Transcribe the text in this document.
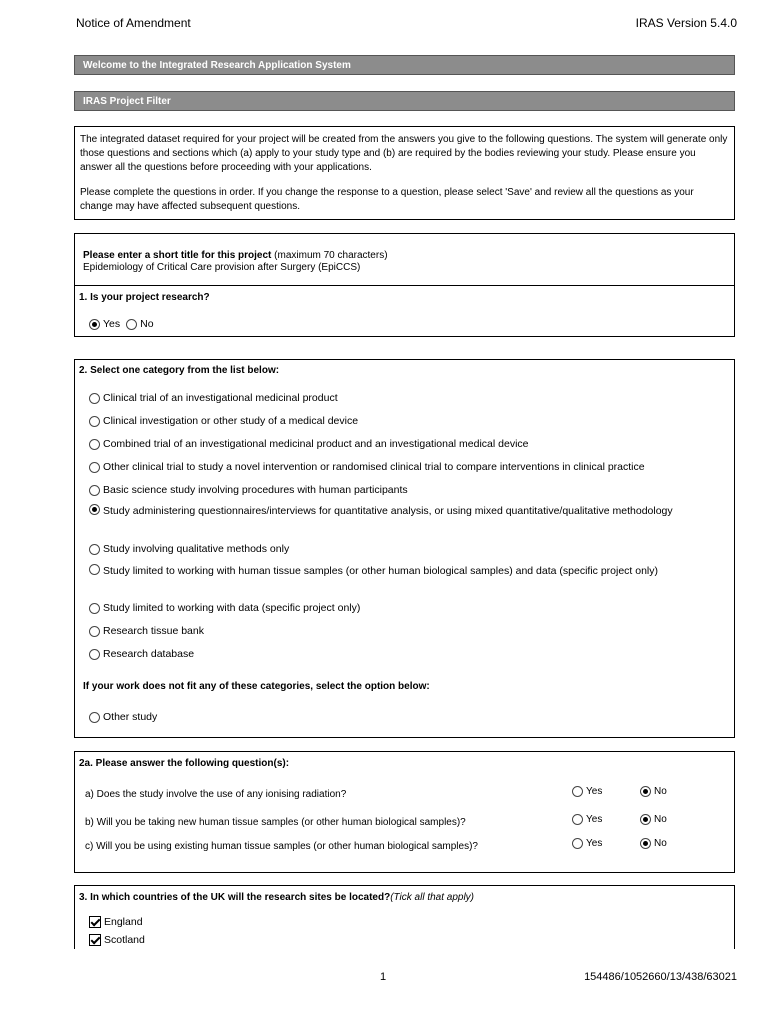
Notice of Amendment	IRAS Version 5.4.0
Welcome to the Integrated Research Application System
IRAS Project Filter

The integrated dataset required for your project will be created from the answers you give to the following questions. The system will generate only those questions and sections which (a) apply to your study type and (b) are required by the bodies reviewing your study. Please ensure you answer all the questions before proceeding with your applications.

Please complete the questions in order. If you change the response to a question, please select 'Save' and review all the questions as your change may have affected subsequent questions.

Please enter a short title for this project (maximum 70 characters)
Epidemiology of Critical Care provision after Surgery (EpiCCS)
1. Is your project research?
Yes No
2. Select one category from the list below:
Clinical trial of an investigational medicinal product
Clinical investigation or other study of a medical device
Combined trial of an investigational medicinal product and an investigational medical device
Other clinical trial to study a novel intervention or randomised clinical trial to compare interventions in clinical practice
Basic science study involving procedures with human participants
Study administering questionnaires/interviews for quantitative analysis, or using mixed quantitative/qualitative methodology
Study involving qualitative methods only
Study limited to working with human tissue samples (or other human biological samples) and data (specific project only)
Study limited to working with data (specific project only)
Research tissue bank
Research database
If your work does not fit any of these categories, select the option below:
Other study
2a. Please answer the following question(s):
a) Does the study involve the use of any ionising radiation?	Yes	No
b) Will you be taking new human tissue samples (or other human biological samples)?	Yes	No
c) Will you be using existing human tissue samples (or other human biological samples)?	Yes	No
3. In which countries of the UK will the research sites be located?(Tick all that apply)
England
Scotland
1	154486/1052660/13/438/63021
